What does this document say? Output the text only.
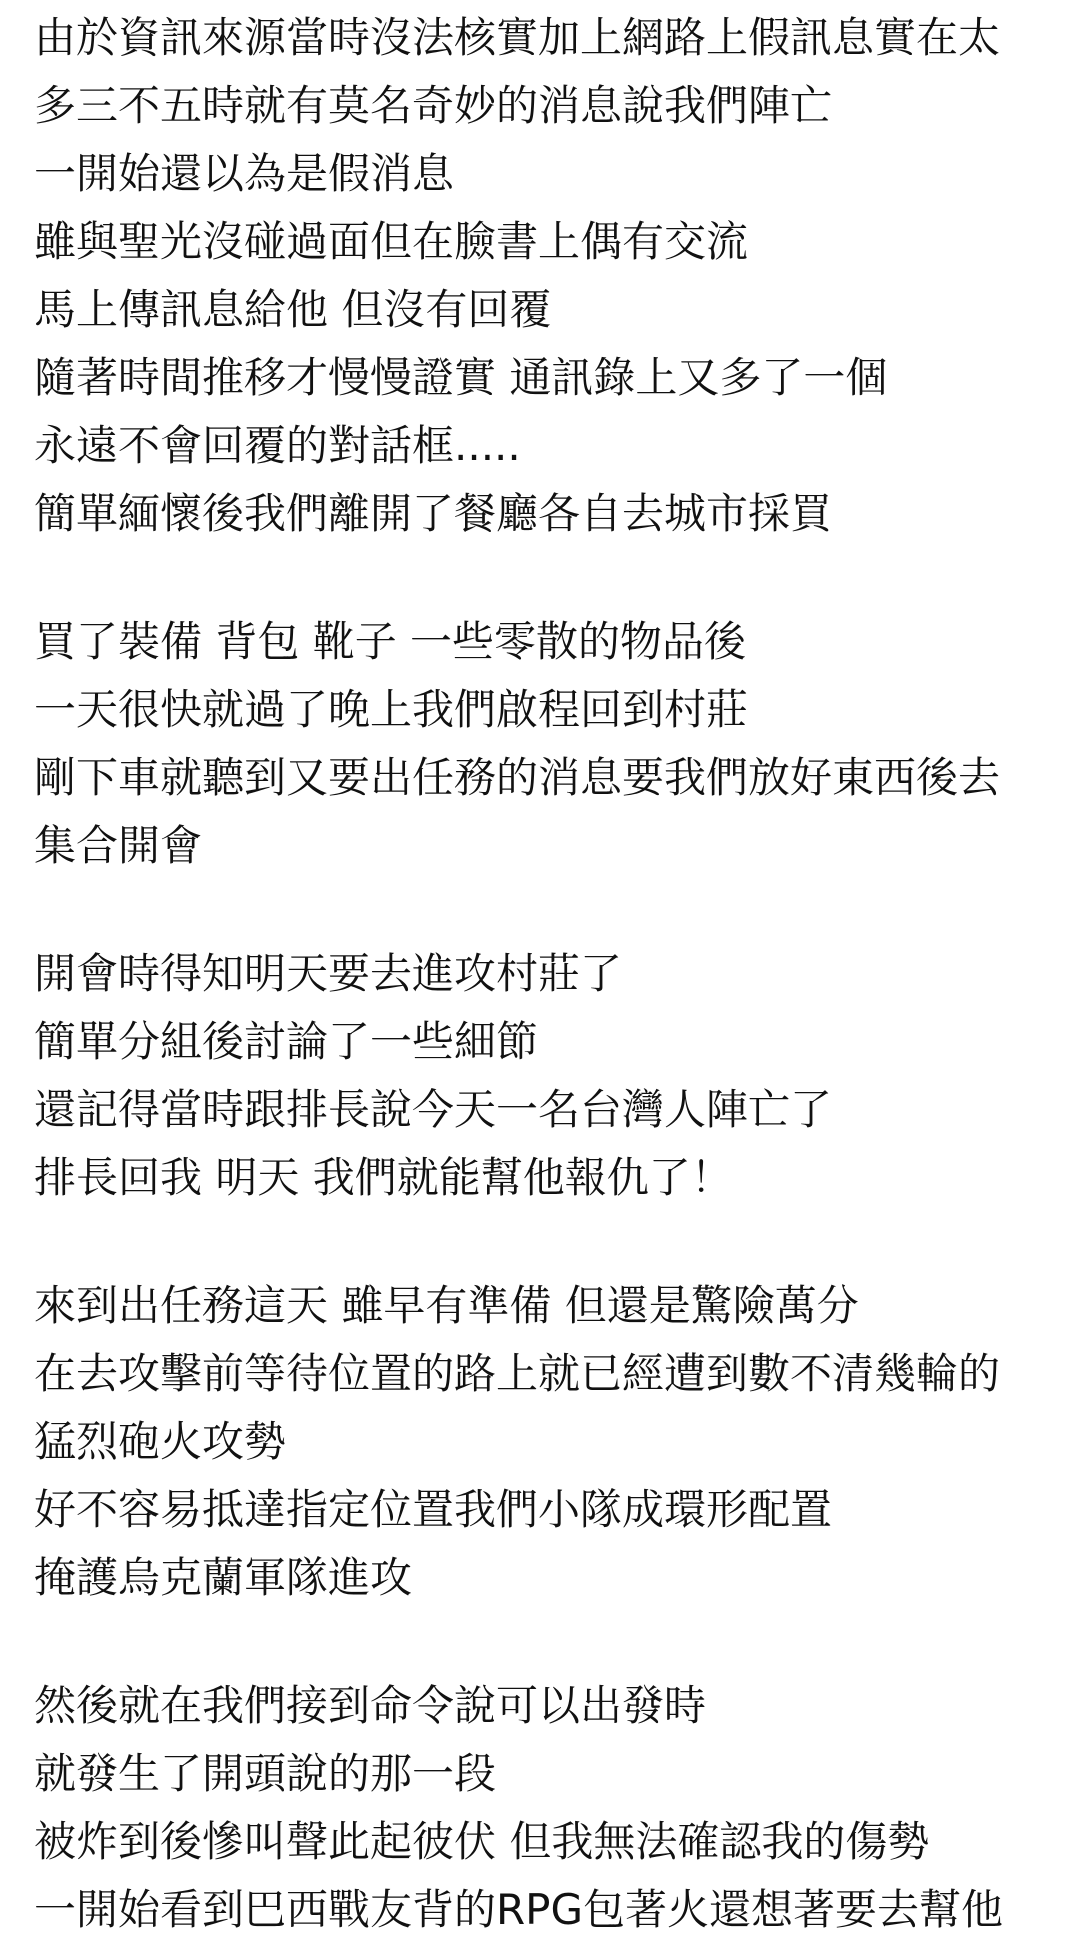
由於資訊來源當時沒法核實加上網路上假訊息實在太
多三不五時就有莫名奇妙的消息說我們陣亡
一開始還以為是假消息
雖與聖光沒碰過面但在臉書上偶有交流
馬上傳訊息給他 但沒有回覆
隨著時間推移才慢慢證實 通訊錄上又多了一個
永遠不會回覆的對話框.....
簡單緬懷後我們離開了餐廳各自去城市採買
買了裝備 背包 靴子 一些零散的物品後
一天很快就過了晚上我們啟程回到村莊
剛下車就聽到又要出任務的消息要我們放好東西後去
集合開會
開會時得知明天要去進攻村莊了
簡單分組後討論了一些細節
還記得當時跟排長說今天一名台灣人陣亡了
排長回我 明天 我們就能幫他報仇了！
來到出任務這天 雖早有準備 但還是驚險萬分
在去攻擊前等待位置的路上就已經遭到數不清幾輪的
猛烈砲火攻勢
好不容易抵達指定位置我們小隊成環形配置
掩護烏克蘭軍隊進攻
然後就在我們接到命令說可以出發時
就發生了開頭說的那一段
被炸到後慘叫聲此起彼伏 但我無法確認我的傷勢
一開始看到巴西戰友背的RPG包著火還想著要去幫他
